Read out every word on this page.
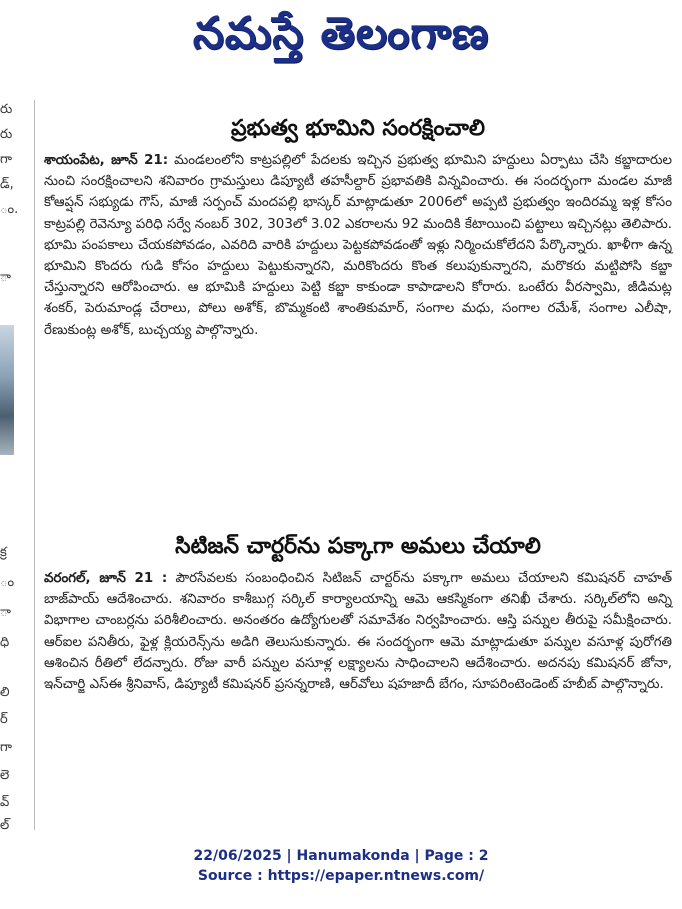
నమస్తే తెలంగాణ
రు
రు
గా
డ్,
ం.
ా
క్ర
ం
ా
ధి
లి
ర్
గా
లె
వ్
ల్
ప్రభుత్వ భూమిని సంరక్షించాలి

శాయంపేట, జూన్ 21: మండలంలోని కాట్రపల్లిలో పేదలకు ఇచ్చిన ప్రభుత్వ భూమిని హద్దులు ఏర్పాటు చేసి కబ్జాదారుల నుంచి సంరక్షించాలని శనివారం గ్రామస్తులు డిప్యూటీ తహసీల్దార్ ప్రభావతికి విన్నవించారు. ఈ సందర్భంగా మండల మాజీ కోఆప్షన్ సభ్యుడు గౌస్, మాజీ సర్పంచ్ మందపల్లి భాస్కర్ మాట్లాడుతూ 2006లో అప్పటి ప్రభుత్వం ఇందిరమ్మ ఇళ్ల కోసం కాట్రపల్లి రెవెన్యూ పరిధి సర్వే నంబర్ 302, 303లో 3.02 ఎకరాలను 92 మందికి కేటాయించి పట్టాలు ఇచ్చినట్లు తెలిపారు. భూమి పంపకాలు చేయకపోవడం, ఎవరిది వారికి హద్దులు పెట్టకపోవడంతో ఇళ్లు నిర్మించుకోలేదని పేర్కొన్నారు. ఖాళీగా ఉన్న భూమిని కొందరు గుడి కోసం హద్దులు పెట్టుకున్నారని, మరికొందరు కొంత కలుపుకున్నారని, మరొకరు మట్టిపోసి కబ్జా చేస్తున్నారని ఆరోపించారు. ఆ భూమికి హద్దులు పెట్టి కబ్జా కాకుండా కాపాడాలని కోరారు. ఒంటేరు వీరస్వామి, జీడిమట్ల శంకర్, పెరుమాండ్ల చేరాలు, పోలు అశోక్, బొమ్మకంటి శాంతికుమార్, సంగాల మధు, సంగాల రమేశ్, సంగాల ఎలీషా, రేణుకుంట్ల అశోక్, బుచ్చయ్య పాల్గొన్నారు.

సిటిజన్ చార్టర్‌ను పక్కాగా అమలు చేయాలి

వరంగల్, జూన్ 21 : పౌరసేవలకు సంబంధించిన సిటిజన్ చార్టర్‌ను పక్కాగా అమలు చేయాలని కమిషనర్ చాహత్ బాజ్‌పాయ్ ఆదేశించారు. శనివారం కాశీబుగ్గ సర్కిల్ కార్యాలయాన్ని ఆమె ఆకస్మికంగా తనిఖీ చేశారు. సర్కిల్‌లోని అన్ని విభాగాల చాంబర్లను పరిశీలించారు. అనంతరం ఉద్యోగులతో సమావేశం నిర్వహించారు. ఆస్తి పన్నుల తీరుపై సమీక్షించారు. ఆర్‌ఐల పనితీరు, ఫైళ్ల క్లియరెన్స్‌ను అడిగి తెలుసుకున్నారు. ఈ సందర్భంగా ఆమె మాట్లాడుతూ పన్నుల వసూళ్ల పురోగతి ఆశించిన రీతిలో లేదన్నారు. రోజు వారీ పన్నుల వసూళ్ల లక్ష్యాలను సాధించాలని ఆదేశించారు. అదనపు కమిషనర్ జోనా, ఇన్‌చార్జి ఎస్‌ఈ శ్రీనివాస్, డిప్యూటీ కమిషనర్ ప్రసన్నరాణి, ఆర్‌వోలు షహజాదీ బేగం, సూపరింటెండెంట్ హబీబ్ పాల్గొన్నారు.

22/06/2025 | Hanumakonda | Page : 2
Source : https://epaper.ntnews.com/
